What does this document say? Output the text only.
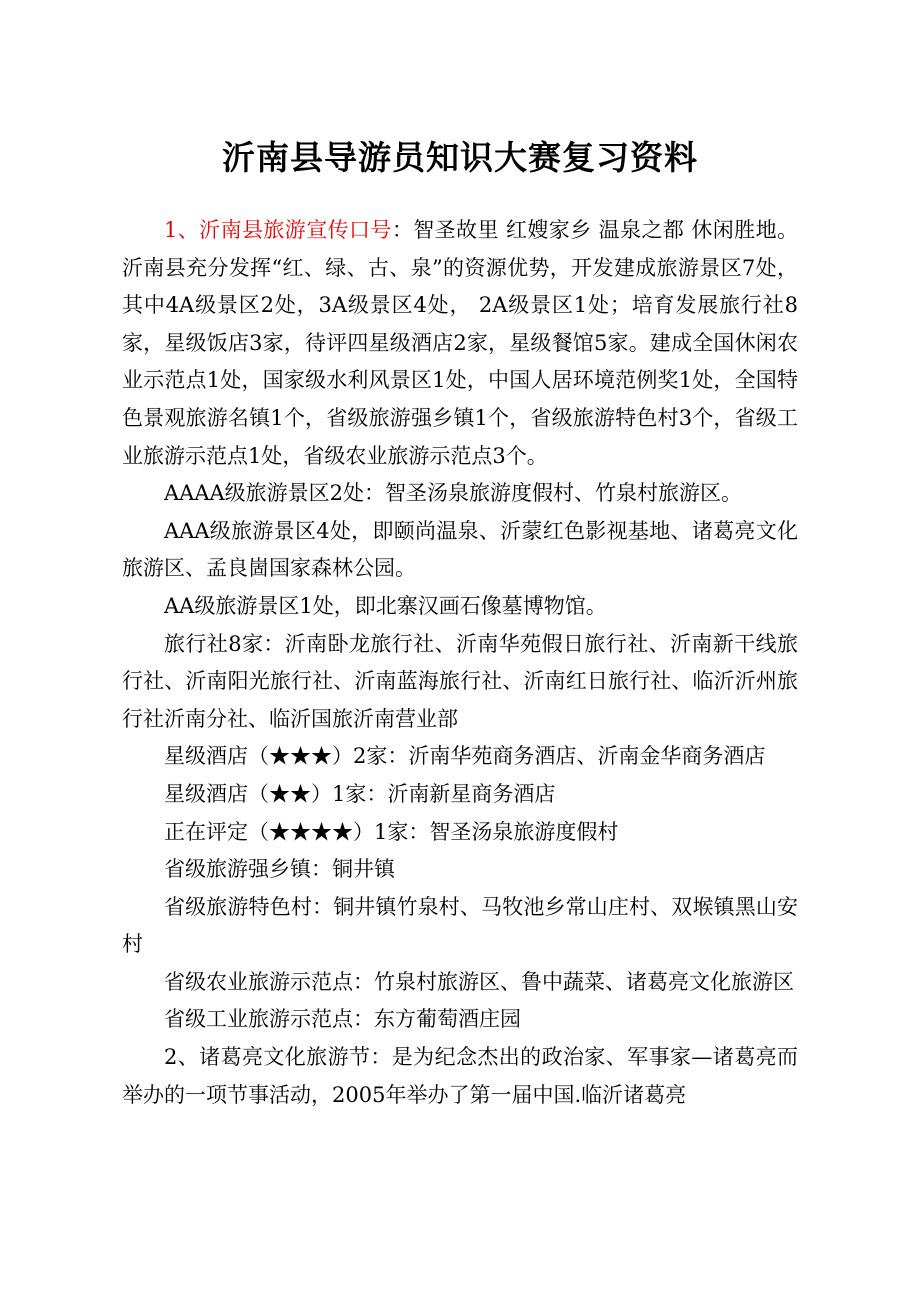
沂南县导游员知识大赛复习资料

1、沂南县旅游宣传口号：智圣故里 红嫂家乡 温泉之都 休闲胜地。沂南县充分发挥“红、绿、古、泉”的资源优势，开发建成旅游景区7处，其中4A级景区2处，3A级景区4处， 2A级景区1处；培育发展旅行社8家，星级饭店3家，待评四星级酒店2家，星级餐馆5家。建成全国休闲农业示范点1处，国家级水利风景区1处，中国人居环境范例奖1处，全国特色景观旅游名镇1个，省级旅游强乡镇1个，省级旅游特色村3个，省级工业旅游示范点1处，省级农业旅游示范点3个。

AAAA级旅游景区2处：智圣汤泉旅游度假村、竹泉村旅游区。

AAA级旅游景区4处，即颐尚温泉、沂蒙红色影视基地、诸葛亮文化旅游区、孟良崮国家森林公园。

AA级旅游景区1处，即北寨汉画石像墓博物馆。

旅行社8家：沂南卧龙旅行社、沂南华苑假日旅行社、沂南新干线旅行社、沂南阳光旅行社、沂南蓝海旅行社、沂南红日旅行社、临沂沂州旅行社沂南分社、临沂国旅沂南营业部

星级酒店（★★★）2家：沂南华苑商务酒店、沂南金华商务酒店

星级酒店（★★）1家：沂南新星商务酒店

正在评定（★★★★）1家：智圣汤泉旅游度假村

省级旅游强乡镇：铜井镇

省级旅游特色村：铜井镇竹泉村、马牧池乡常山庄村、双堠镇黑山安村

省级农业旅游示范点：竹泉村旅游区、鲁中蔬菜、诸葛亮文化旅游区

省级工业旅游示范点：东方葡萄酒庄园

2、诸葛亮文化旅游节：是为纪念杰出的政治家、军事家—诸葛亮而举办的一项节事活动，2005年举办了第一届中国.临沂诸葛亮
